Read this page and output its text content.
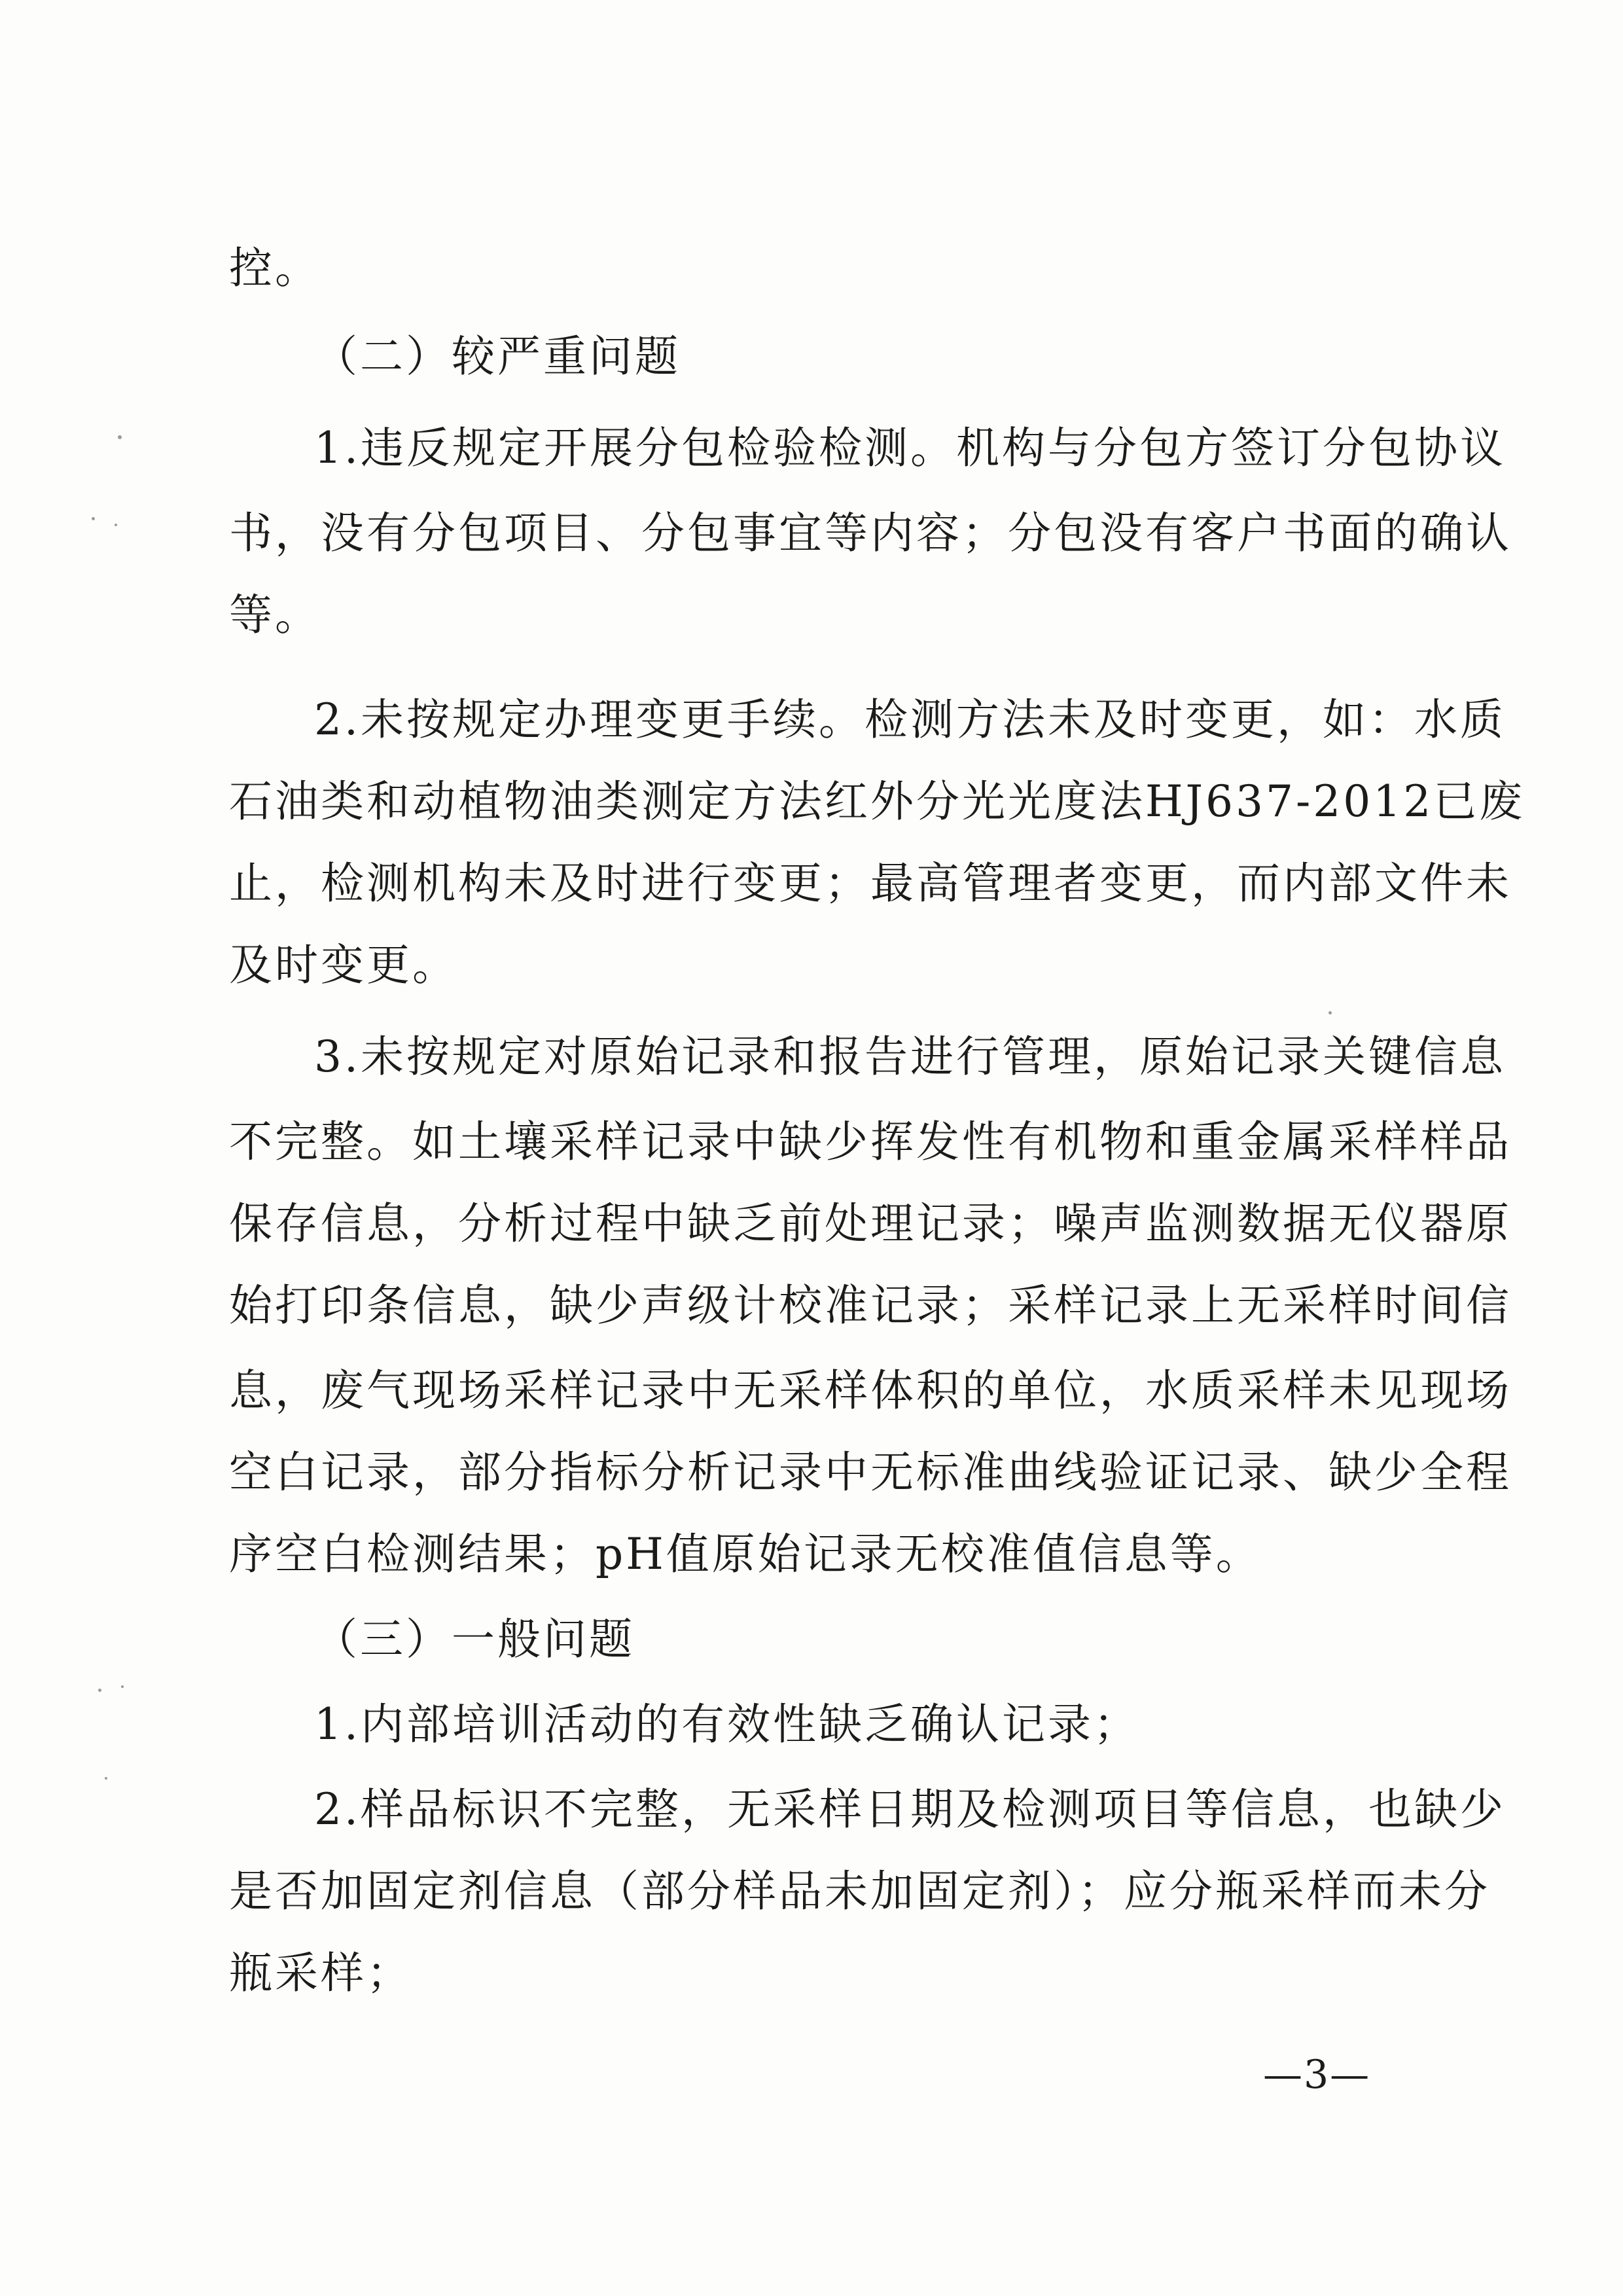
控。
（二）较严重问题
1.违反规定开展分包检验检测。机构与分包方签订分包协议
书，没有分包项目、分包事宜等内容；分包没有客户书面的确认
等。
2.未按规定办理变更手续。检测方法未及时变更，如：水质
石油类和动植物油类测定方法红外分光光度法HJ637-2012已废
止，检测机构未及时进行变更；最高管理者变更，而内部文件未
及时变更。
3.未按规定对原始记录和报告进行管理，原始记录关键信息
不完整。如土壤采样记录中缺少挥发性有机物和重金属采样样品
保存信息，分析过程中缺乏前处理记录；噪声监测数据无仪器原
始打印条信息，缺少声级计校准记录；采样记录上无采样时间信
息，废气现场采样记录中无采样体积的单位，水质采样未见现场
空白记录，部分指标分析记录中无标准曲线验证记录、缺少全程
序空白检测结果；pH值原始记录无校准值信息等。
（三）一般问题
1.内部培训活动的有效性缺乏确认记录；
2.样品标识不完整，无采样日期及检测项目等信息，也缺少
是否加固定剂信息（部分样品未加固定剂）；应分瓶采样而未分
瓶采样；
—3—
